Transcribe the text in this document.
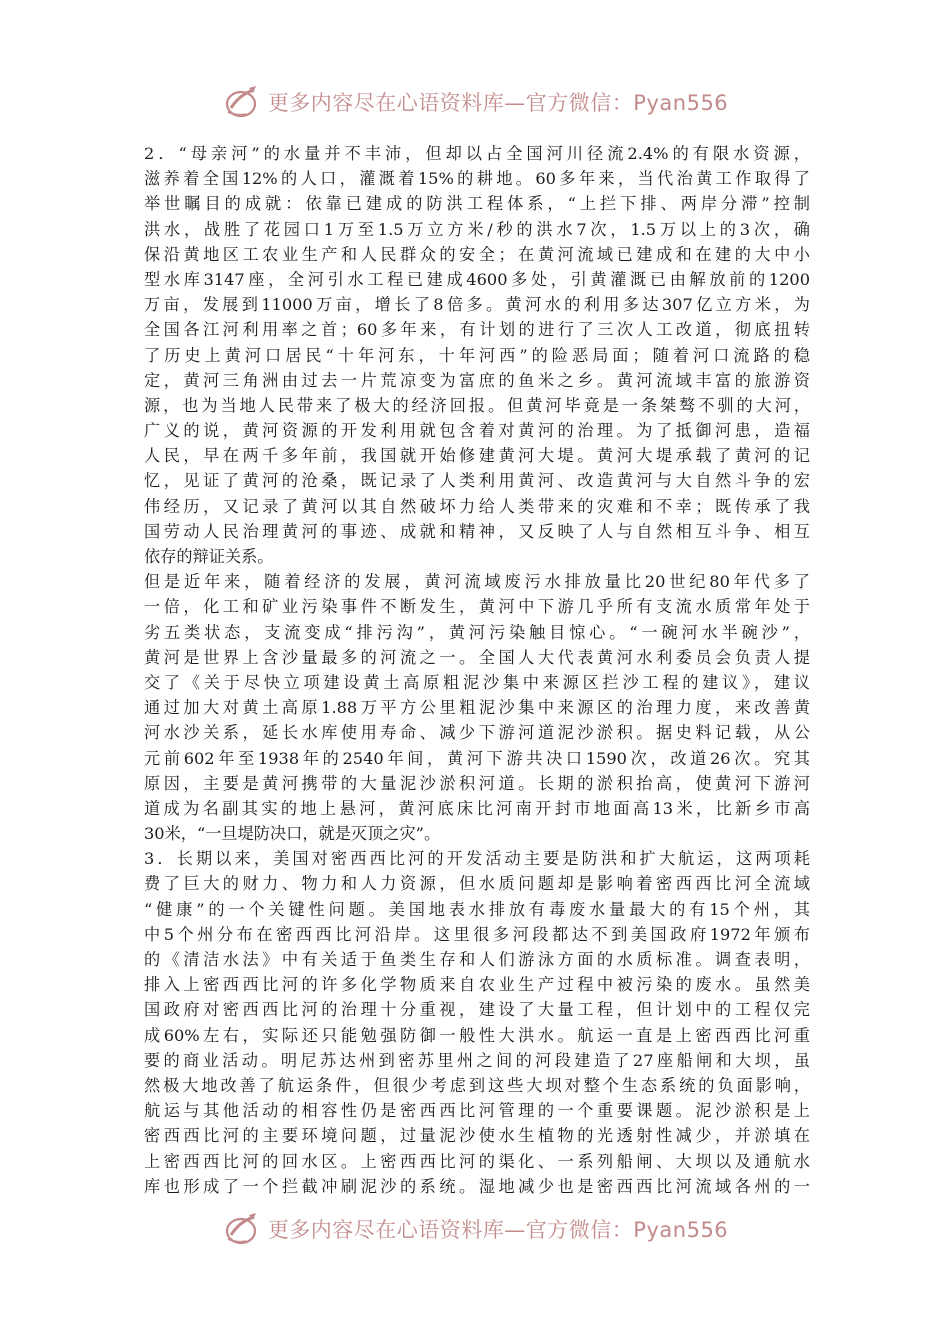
更多内容尽在心语资料库—官方微信：Pyan556
2．“母亲河”的水量并不丰沛，但却以占全国河川径流2.4%的有限水资源，
滋养着全国12%的人口，灌溉着15%的耕地。60多年来，当代治黄工作取得了
举世瞩目的成就：依靠已建成的防洪工程体系，“上拦下排、两岸分滞”控制
洪水，战胜了花园口1万至1.5万立方米/秒的洪水7次，1.5万以上的3次，确
保沿黄地区工农业生产和人民群众的安全；在黄河流域已建成和在建的大中小
型水库3147座，全河引水工程已建成4600多处，引黄灌溉已由解放前的1200
万亩，发展到11000万亩，增长了8倍多。黄河水的利用多达307亿立方米，为
全国各江河利用率之首；60多年来，有计划的进行了三次人工改道，彻底扭转
了历史上黄河口居民“十年河东，十年河西”的险恶局面；随着河口流路的稳
定，黄河三角洲由过去一片荒凉变为富庶的鱼米之乡。黄河流域丰富的旅游资
源，也为当地人民带来了极大的经济回报。但黄河毕竟是一条桀骜不驯的大河，
广义的说，黄河资源的开发利用就包含着对黄河的治理。为了抵御河患，造福
人民，早在两千多年前，我国就开始修建黄河大堤。黄河大堤承载了黄河的记
忆，见证了黄河的沧桑，既记录了人类利用黄河、改造黄河与大自然斗争的宏
伟经历，又记录了黄河以其自然破坏力给人类带来的灾难和不幸；既传承了我
国劳动人民治理黄河的事迹、成就和精神，又反映了人与自然相互斗争、相互
依存的辩证关系。
但是近年来，随着经济的发展，黄河流域废污水排放量比20世纪80年代多了
一倍，化工和矿业污染事件不断发生，黄河中下游几乎所有支流水质常年处于
劣五类状态，支流变成“排污沟”，黄河污染触目惊心。“一碗河水半碗沙”，
黄河是世界上含沙量最多的河流之一。全国人大代表黄河水利委员会负责人提
交了《关于尽快立项建设黄土高原粗泥沙集中来源区拦沙工程的建议》，建议
通过加大对黄土高原1.88万平方公里粗泥沙集中来源区的治理力度，来改善黄
河水沙关系，延长水库使用寿命、减少下游河道泥沙淤积。据史料记载，从公
元前602年至1938年的2540年间，黄河下游共决口1590次，改道26次。究其
原因，主要是黄河携带的大量泥沙淤积河道。长期的淤积抬高，使黄河下游河
道成为名副其实的地上悬河，黄河底床比河南开封市地面高13米，比新乡市高
30米，“一旦堤防决口，就是灭顶之灾”。
3．长期以来，美国对密西西比河的开发活动主要是防洪和扩大航运，这两项耗
费了巨大的财力、物力和人力资源，但水质问题却是影响着密西西比河全流域
“健康”的一个关键性问题。美国地表水排放有毒废水量最大的有15个州，其
中5个州分布在密西西比河沿岸。这里很多河段都达不到美国政府1972年颁布
的《清洁水法》中有关适于鱼类生存和人们游泳方面的水质标准。调查表明，
排入上密西西比河的许多化学物质来自农业生产过程中被污染的废水。虽然美
国政府对密西西比河的治理十分重视，建设了大量工程，但计划中的工程仅完
成60%左右，实际还只能勉强防御一般性大洪水。航运一直是上密西西比河重
要的商业活动。明尼苏达州到密苏里州之间的河段建造了27座船闸和大坝，虽
然极大地改善了航运条件，但很少考虑到这些大坝对整个生态系统的负面影响，
航运与其他活动的相容性仍是密西西比河管理的一个重要课题。泥沙淤积是上
密西西比河的主要环境问题，过量泥沙使水生植物的光透射性减少，并淤填在
上密西西比河的回水区。上密西西比河的渠化、一系列船闸、大坝以及通航水
库也形成了一个拦截冲刷泥沙的系统。湿地减少也是密西西比河流域各州的一
更多内容尽在心语资料库—官方微信：Pyan556
